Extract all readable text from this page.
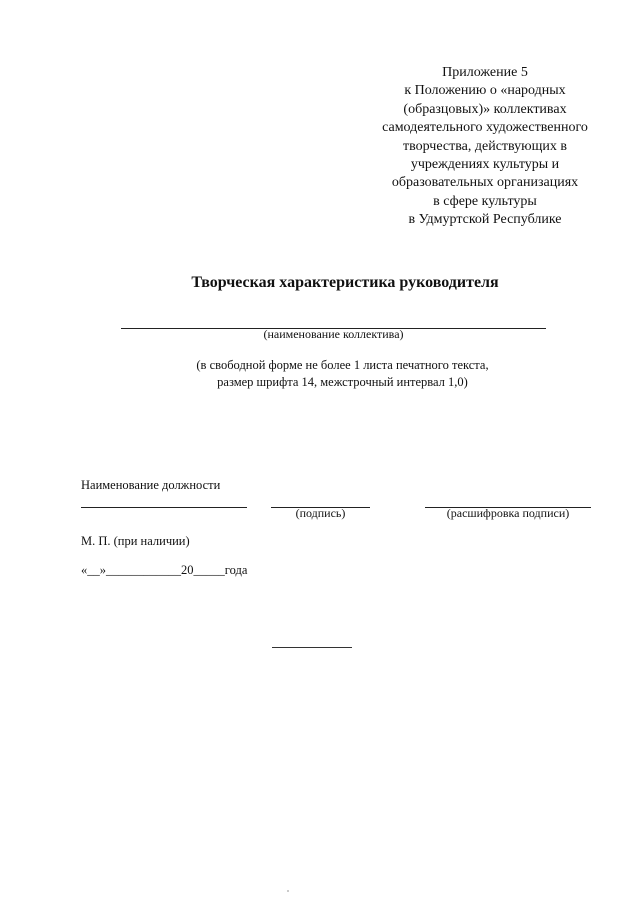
Приложение 5
к Положению о «народных
(образцовых)» коллективах
самодеятельного художественного
творчества, действующих в
учреждениях культуры и
образовательных организациях
в сфере культуры
в Удмуртской Республике
Творческая характеристика руководителя
(наименование коллектива)
(в свободной форме не более 1 листа печатного текста,
размер шрифта 14, межстрочный интервал 1,0)
Наименование должности
(подпись)	(расшифровка подписи)
М. П. (при наличии)
«__»____________20_____года
